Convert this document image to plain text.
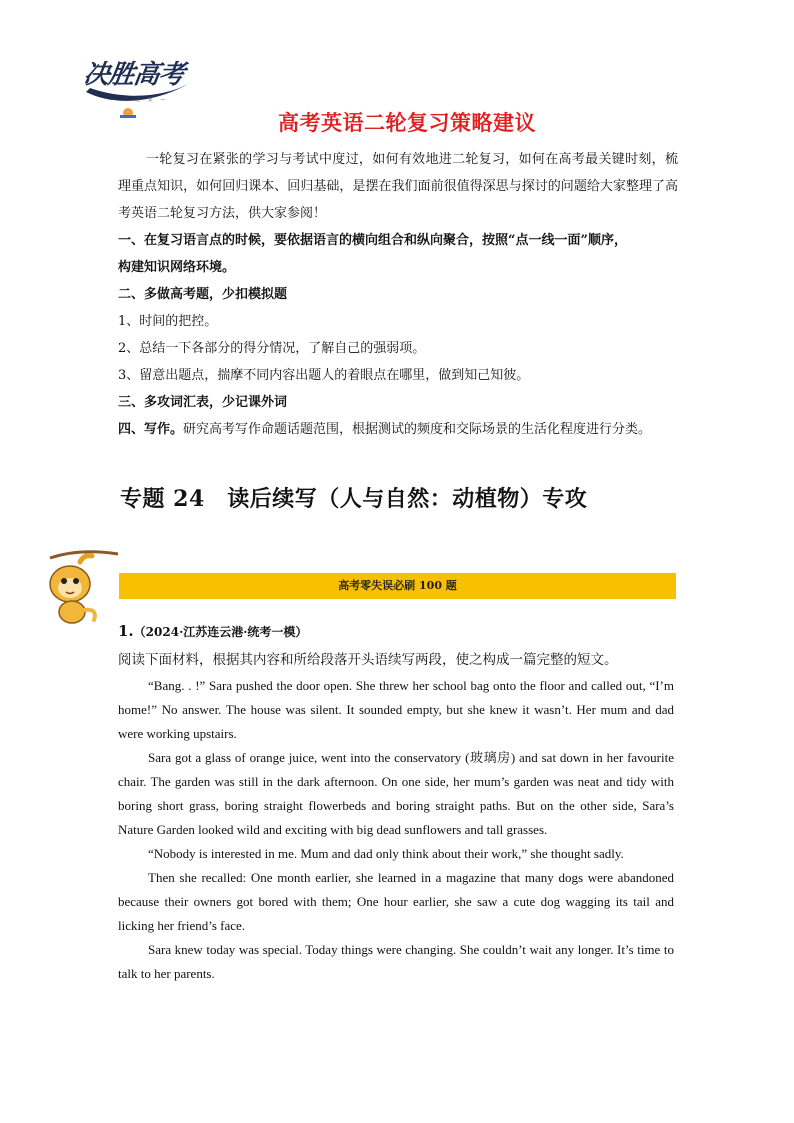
决胜高考
— 一 定 要 —
高考英语二轮复习策略建议
一轮复习在紧张的学习与考试中度过，如何有效地进二轮复习，如何在高考最关键时刻，梳理重点知识，如何回归课本、回归基础，是摆在我们面前很值得深思与探讨的问题给大家整理了高考英语二轮复习方法，供大家参阅！
一、在复习语言点的时候，要依据语言的横向组合和纵向聚合，按照“点一线一面”顺序，
构建知识网络环境。
二、多做高考题，少扣模拟题
1、时间的把控。
2、总结一下各部分的得分情况，了解自己的强弱项。
3、留意出题点，揣摩不同内容出题人的着眼点在哪里，做到知己知彼。
三、多攻词汇表，少记课外词
四、写作。研究高考写作命题话题范围，根据测试的频度和交际场景的生活化程度进行分类。
专题 24　读后续写（人与自然：动植物）专攻
高考零失误必刷 100 题
1.（2024·江苏连云港·统考一模）
阅读下面材料，根据其内容和所给段落开头语续写两段，使之构成一篇完整的短文。

“Bang. . !” Sara pushed the door open. She threw her school bag onto the floor and called out, “I’m home!” No answer. The house was silent. It sounded empty, but she knew it wasn’t. Her mum and dad were working upstairs.

Sara got a glass of orange juice, went into the conservatory (玻璃房) and sat down in her favourite chair. The garden was still in the dark afternoon. On one side, her mum’s garden was neat and tidy with boring short grass, boring straight flowerbeds and boring straight paths. But on the other side, Sara’s Nature Garden looked wild and exciting with big dead sunflowers and tall grasses.

“Nobody is interested in me. Mum and dad only think about their work,” she thought sadly.

Then she recalled: One month earlier, she learned in a magazine that many dogs were abandoned because their owners got bored with them; One hour earlier, she saw a cute dog wagging its tail and licking her friend’s face.

Sara knew today was special. Today things were changing. She couldn’t wait any longer. It’s time to talk to her parents.
